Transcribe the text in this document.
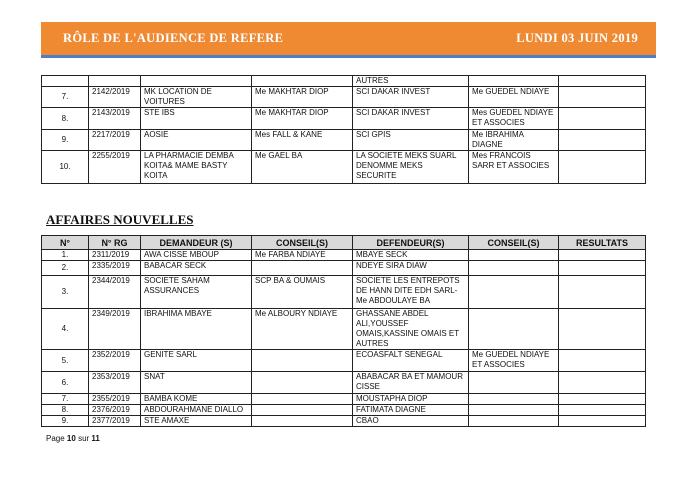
RÔLE DE L'AUDIENCE DE REFERE	LUNDI 03 JUIN 2019
				AUTRES		
7.	2142/2019	MK LOCATION DE VOITURES	Me MAKHTAR DIOP	SCI DAKAR INVEST	Me GUEDEL NDIAYE	
8.	2143/2019	STE IBS	Me MAKHTAR DIOP	SCI DAKAR INVEST	Mes GUEDEL NDIAYE ET ASSOCIES	
9.	2217/2019	AOSIE	Mes FALL & KANE	SCI GPIS	Me IBRAHIMA DIAGNE	
10.	2255/2019	LA PHARMACIE DEMBA KOITA& MAME BASTY KOITA	Me GAEL BA	LA SOCIETE MEKS SUARL DENOMME MEKS SECURITE	Mes FRANCOIS SARR ET ASSOCIES	
AFFAIRES NOUVELLES
N°	N° RG	DEMANDEUR (S)	CONSEIL(S)	DEFENDEUR(S)	CONSEIL(S)	RESULTATS
1.	2311/2019	AWA CISSE MBOUP	Me FARBA NDIAYE	MBAYE SECK		
2.	2335/2019	BABACAR SECK		NDEYE SIRA DIAW		
3.	2344/2019	SOCIETE SAHAM ASSURANCES	SCP BA & OUMAIS	SOCIETE LES ENTREPOTS DE HANN DITE EDH SARL-Me ABDOULAYE BA		
4.	2349/2019	IBRAHIMA MBAYE	Me ALBOURY NDIAYE	GHASSANE ABDEL ALI,YOUSSEF OMAIS,KASSINE OMAIS ET AUTRES		
5.	2352/2019	GENITE SARL		ECOASFALT SENEGAL	Me GUEDEL NDIAYE ET ASSOCIES	
6.	2353/2019	SNAT		ABABACAR BA ET MAMOUR CISSE		
7.	2355/2019	BAMBA KOME		MOUSTAPHA DIOP		
8.	2376/2019	ABDOURAHMANE DIALLO		FATIMATA DIAGNE		
9.	2377/2019	STE AMAXE		CBAO		
Page 10 sur 11
